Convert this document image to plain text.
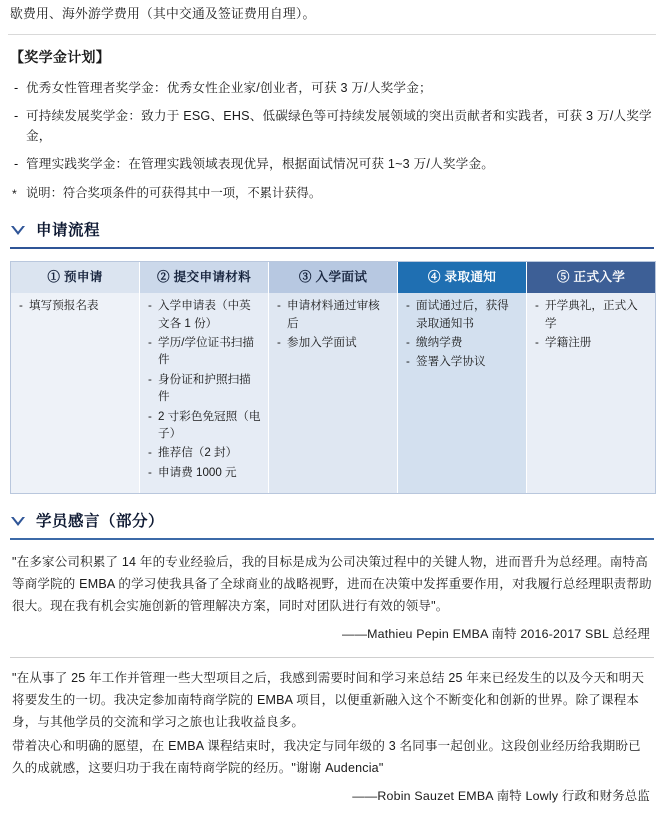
歇费用、海外游学费用（其中交通及签证费用自理）。
【奖学金计划】
- 优秀女性管理者奖学金：优秀女性企业家/创业者，可获 3 万/人奖学金；
- 可持续发展奖学金：致力于 ESG、EHS、低碳绿色等可持续发展领域的突出贡献者和实践者，可获 3 万/人奖学金，
- 管理实践奖学金：在管理实践领域表现优异，根据面试情况可获 1~3 万/人奖学金。
* 说明：符合奖项条件的可获得其中一项，不累计获得。
申请流程
① 预申请
- 填写预报名表
② 提交申请材料
- 入学申请表（中英文各 1 份）
- 学历/学位证书扫描件
- 身份证和护照扫描件
- 2 寸彩色免冠照（电子）
- 推荐信（2 封）
- 申请费 1000 元
③ 入学面试
- 申请材料通过审核后
- 参加入学面试
④ 录取通知
- 面试通过后，获得录取通知书
- 缴纳学费
- 签署入学协议
⑤ 正式入学
- 开学典礼，正式入学
- 学籍注册
学员感言（部分）

"在多家公司积累了 14 年的专业经验后，我的目标是成为公司决策过程中的关键人物，进而晋升为总经理。南特高等商学院的 EMBA 的学习使我具备了全球商业的战略视野，进而在决策中发挥重要作用，对我履行总经理职责帮助很大。现在我有机会实施创新的管理解决方案，同时对团队进行有效的领导"。

——Mathieu Pepin EMBA 南特 2016-2017 SBL 总经理

"在从事了 25 年工作并管理一些大型项目之后，我感到需要时间和学习来总结 25 年来已经发生的以及今天和明天将要发生的一切。我决定参加南特商学院的 EMBA 项目，以便重新融入这个不断变化和创新的世界。除了课程本身，与其他学员的交流和学习之旅也让我收益良多。

带着决心和明确的愿望，在 EMBA 课程结束时，我决定与同年级的 3 名同事一起创业。这段创业经历给我期盼已久的成就感，这要归功于我在南特商学院的经历。"谢谢 Audencia"

——Robin Sauzet EMBA 南特 Lowly 行政和财务总监
